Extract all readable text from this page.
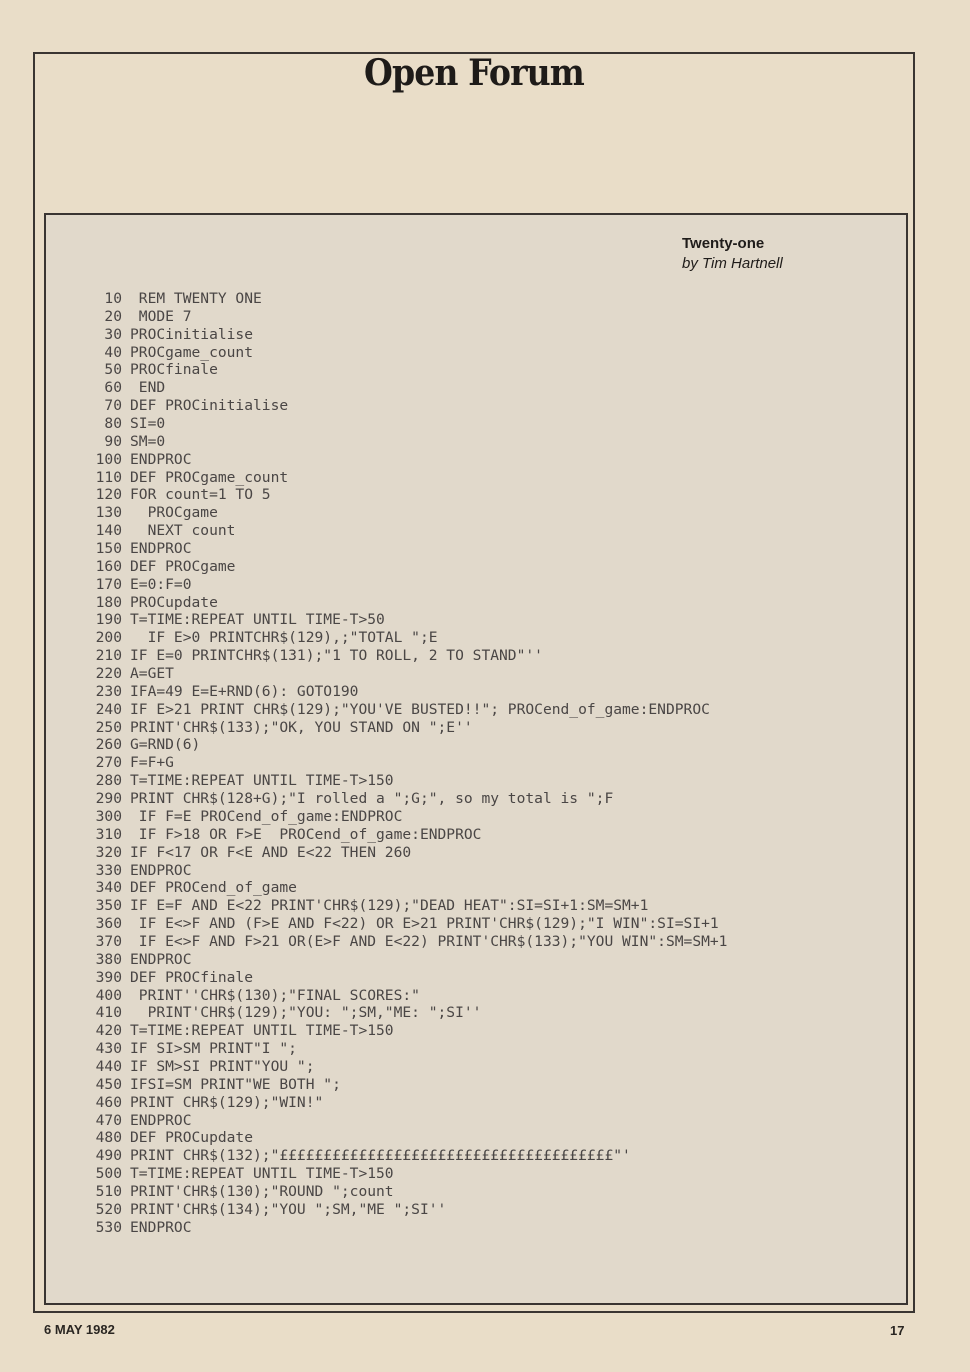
Open Forum
Twenty-one
by Tim Hartnell
10 REM TWENTY ONE
20 MODE 7
30 PROCinitialise
40 PROCgame_count
50 PROCfinale
60 END
70 DEF PROCinitialise
80 SI=0
90 SM=0
100 ENDPROC
110 DEF PROCgame_count
120 FOR count=1 TO 5
130 PROCgame
140 NEXT count
150 ENDPROC
160 DEF PROCgame
170 E=0:F=0
180 PROCupdate
190 T=TIME:REPEAT UNTIL TIME-T>50
200 IF E>0 PRINTCHR$(129),;"TOTAL ";E
210 IF E=0 PRINTCHR$(131);"1 TO ROLL, 2 TO STAND"''
220 A=GET
230 IFA=49 E=E+RND(6): GOTO190
240 IF E>21 PRINT CHR$(129);"YOU'VE BUSTED!!"; PROCend_of_game:ENDPROC
250 PRINT'CHR$(133);"OK, YOU STAND ON ";E''
260 G=RND(6)
270 F=F+G
280 T=TIME:REPEAT UNTIL TIME-T>150
290 PRINT CHR$(128+G);"I rolled a ";G;", so my total is ";F
300 IF F=E PROCend_of_game:ENDPROC
310 IF F>18 OR F>E  PROCend_of_game:ENDPROC
320 IF F<17 OR F<E AND E<22 THEN 260
330 ENDPROC
340 DEF PROCend_of_game
350 IF E=F AND E<22 PRINT'CHR$(129);"DEAD HEAT":SI=SI+1:SM=SM+1
360 IF E<>F AND (F>E AND F<22) OR E>21 PRINT'CHR$(129);"I WIN":SI=SI+1
370 IF E<>F AND F>21 OR(E>F AND E<22) PRINT'CHR$(133);"YOU WIN":SM=SM+1
380 ENDPROC
390 DEF PROCfinale
400 PRINT''CHR$(130);"FINAL SCORES:"
410 PRINT'CHR$(129);"YOU: ";SM,"ME: ";SI''
420 T=TIME:REPEAT UNTIL TIME-T>150
430 IF SI>SM PRINT"I ";
440 IF SM>SI PRINT"YOU ";
450 IFSI=SM PRINT"WE BOTH ";
460 PRINT CHR$(129);"WIN!"
470 ENDPROC
480 DEF PROCupdate
490 PRINT CHR$(132);"££££££££££££££££££££££££££££££££££££££"'
500 T=TIME:REPEAT UNTIL TIME-T>150
510 PRINT'CHR$(130);"ROUND ";count
520 PRINT'CHR$(134);"YOU ";SM,"ME ";SI''
530 ENDPROC
6 MAY 1982	17
